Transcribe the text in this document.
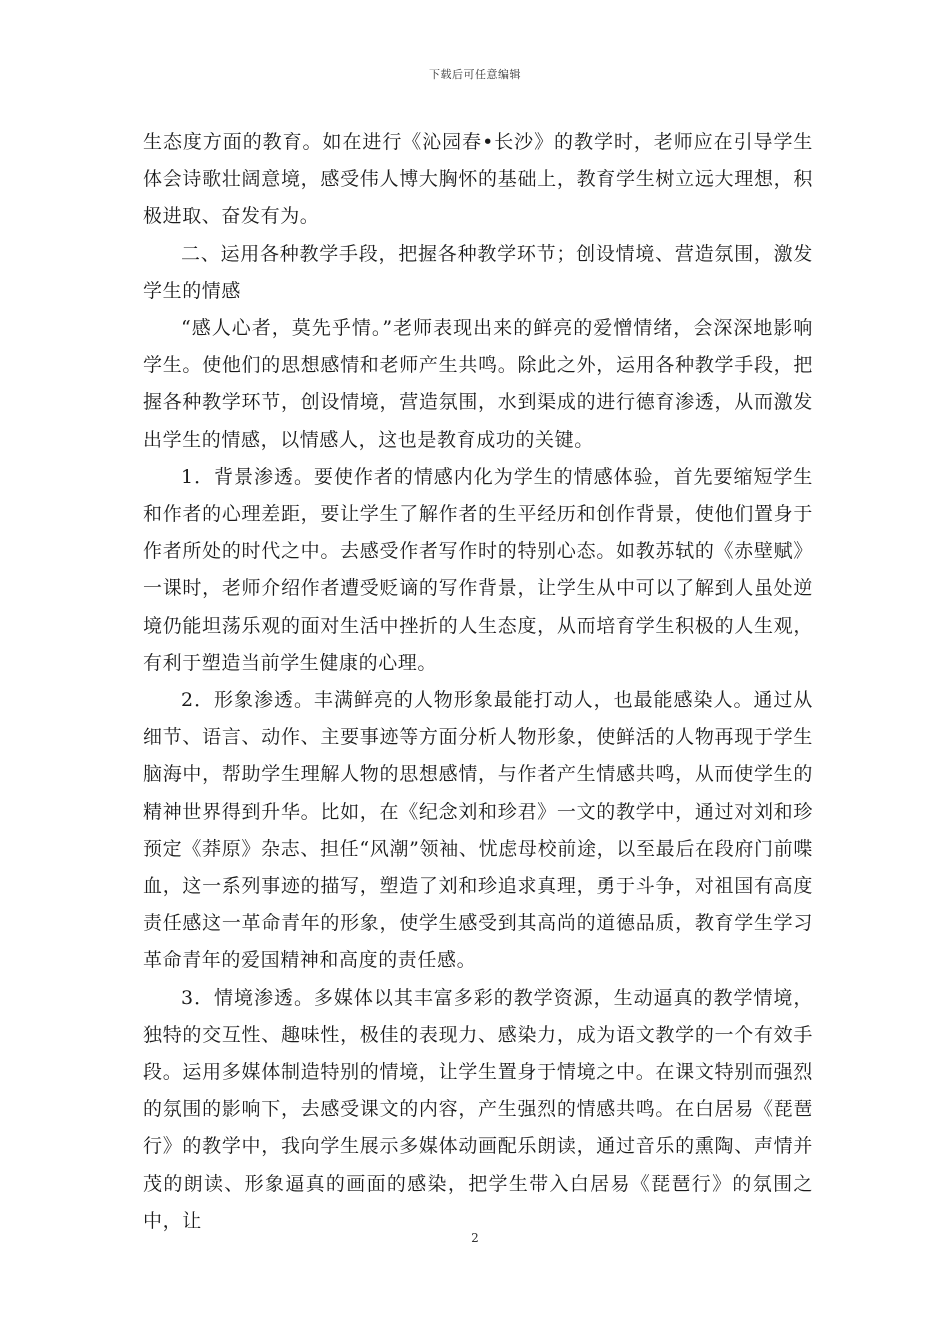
下载后可任意编辑

生态度方面的教育。如在进行《沁园春•长沙》的教学时，老师应在引导学生体会诗歌壮阔意境，感受伟人博大胸怀的基础上，教育学生树立远大理想，积极进取、奋发有为。

二、运用各种教学手段，把握各种教学环节；创设情境、营造氛围，激发学生的情感

“感人心者，莫先乎情。”老师表现出来的鲜亮的爱憎情绪，会深深地影响学生。使他们的思想感情和老师产生共鸣。除此之外，运用各种教学手段，把握各种教学环节，创设情境，营造氛围，水到渠成的进行德育渗透，从而激发出学生的情感，以情感人，这也是教育成功的关键。

1．背景渗透。要使作者的情感内化为学生的情感体验，首先要缩短学生和作者的心理差距，要让学生了解作者的生平经历和创作背景，使他们置身于作者所处的时代之中。去感受作者写作时的特别心态。如教苏轼的《赤壁赋》一课时，老师介绍作者遭受贬谪的写作背景，让学生从中可以了解到人虽处逆境仍能坦荡乐观的面对生活中挫折的人生态度，从而培育学生积极的人生观，有利于塑造当前学生健康的心理。

2．形象渗透。丰满鲜亮的人物形象最能打动人，也最能感染人。通过从细节、语言、动作、主要事迹等方面分析人物形象，使鲜活的人物再现于学生脑海中，帮助学生理解人物的思想感情，与作者产生情感共鸣，从而使学生的精神世界得到升华。比如，在《纪念刘和珍君》一文的教学中，通过对刘和珍预定《莽原》杂志、担任“风潮”领袖、忧虑母校前途，以至最后在段府门前喋血，这一系列事迹的描写，塑造了刘和珍追求真理，勇于斗争，对祖国有高度责任感这一革命青年的形象，使学生感受到其高尚的道德品质，教育学生学习革命青年的爱国精神和高度的责任感。

3．情境渗透。多媒体以其丰富多彩的教学资源，生动逼真的教学情境，独特的交互性、趣味性，极佳的表现力、感染力，成为语文教学的一个有效手段。运用多媒体制造特别的情境，让学生置身于情境之中。在课文特别而强烈的氛围的影响下，去感受课文的内容，产生强烈的情感共鸣。在白居易《琵琶行》的教学中，我向学生展示多媒体动画配乐朗读，通过音乐的熏陶、声情并茂的朗读、形象逼真的画面的感染，把学生带入白居易《琵琶行》的氛围之中，让

2
